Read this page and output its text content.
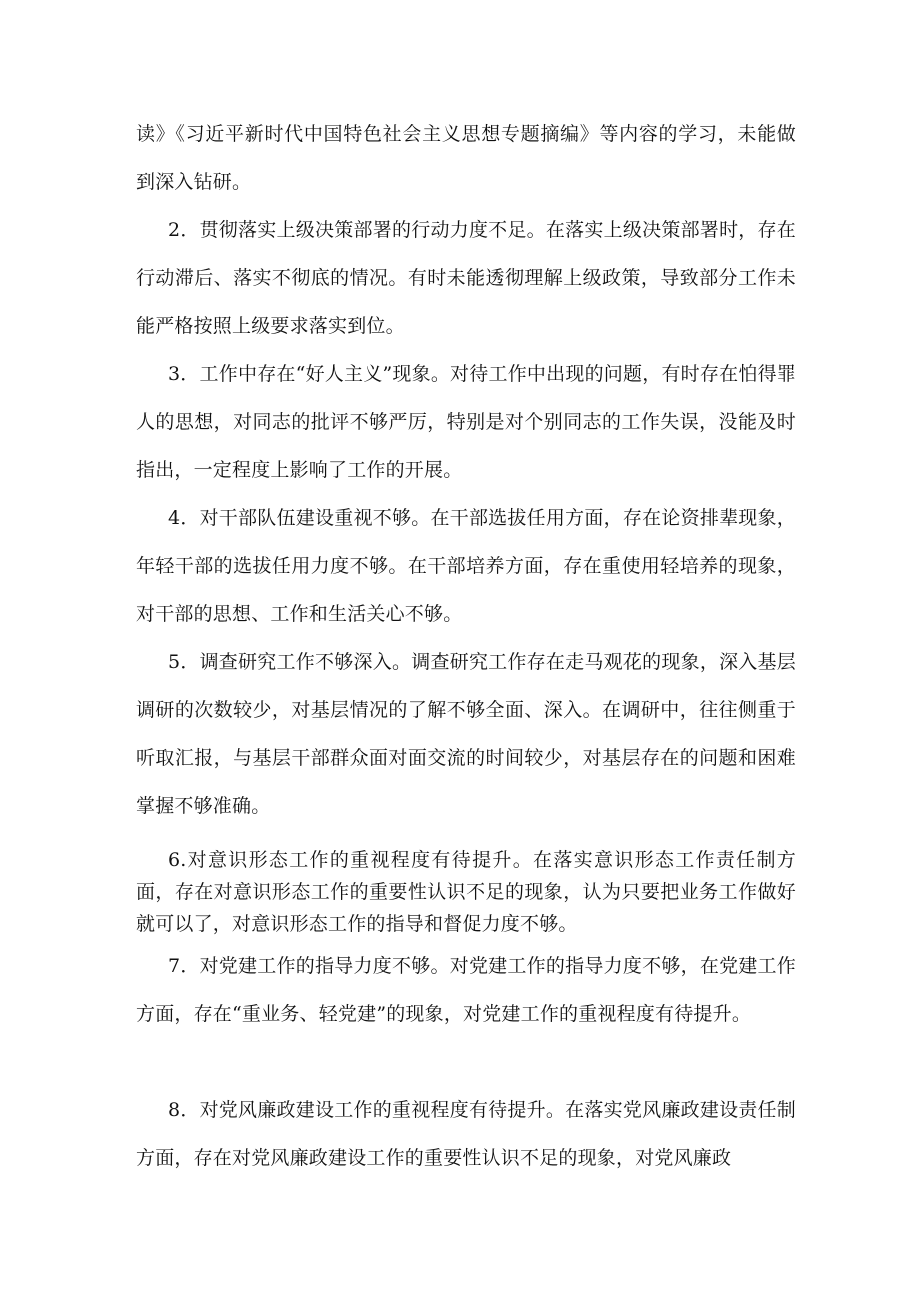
读》《习近平新时代中国特色社会主义思想专题摘编》等内容的学习，未能做到深入钻研。

2．贯彻落实上级决策部署的行动力度不足。在落实上级决策部署时，存在行动滞后、落实不彻底的情况。有时未能透彻理解上级政策，导致部分工作未能严格按照上级要求落实到位。

3．工作中存在“好人主义”现象。对待工作中出现的问题，有时存在怕得罪人的思想，对同志的批评不够严厉，特别是对个别同志的工作失误，没能及时指出，一定程度上影响了工作的开展。

4．对干部队伍建设重视不够。在干部选拔任用方面，存在论资排辈现象，年轻干部的选拔任用力度不够。在干部培养方面，存在重使用轻培养的现象，对干部的思想、工作和生活关心不够。

5．调查研究工作不够深入。调查研究工作存在走马观花的现象，深入基层调研的次数较少，对基层情况的了解不够全面、深入。在调研中，往往侧重于听取汇报，与基层干部群众面对面交流的时间较少，对基层存在的问题和困难掌握不够准确。

6.对意识形态工作的重视程度有待提升。在落实意识形态工作责任制方面，存在对意识形态工作的重要性认识不足的现象，认为只要把业务工作做好就可以了，对意识形态工作的指导和督促力度不够。

7．对党建工作的指导力度不够。对党建工作的指导力度不够，在党建工作方面，存在“重业务、轻党建”的现象，对党建工作的重视程度有待提升。

8．对党风廉政建设工作的重视程度有待提升。在落实党风廉政建设责任制方面，存在对党风廉政建设工作的重要性认识不足的现象，对党风廉政
